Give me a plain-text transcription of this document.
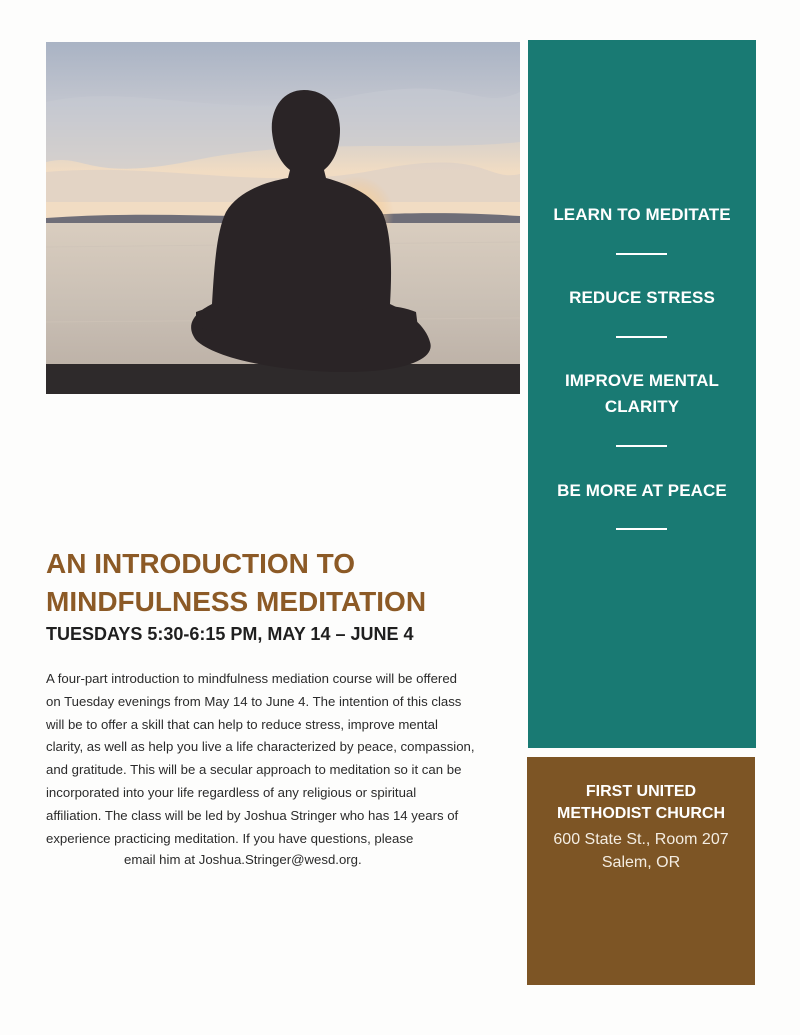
LEARN TO MEDITATE
REDUCE STRESS
IMPROVE MENTAL
CLARITY
BE MORE AT PEACE
AN INTRODUCTION TO
MINDFULNESS MEDITATION
TUESDAYS 5:30-6:15 PM, MAY 14 – JUNE 4
A four-part introduction to mindfulness mediation course will be offered
on Tuesday evenings from May 14 to June 4. The intention of this class
will be to offer a skill that can help to reduce stress, improve mental
clarity, as well as help you live a life characterized by peace, compassion,
and gratitude. This will be a secular approach to meditation so it can be
incorporated into your life regardless of any religious or spiritual
affiliation. The class will be led by Joshua Stringer who has 14 years of
experience practicing meditation. If you have questions, please
email him at Joshua.Stringer@wesd.org.
FIRST UNITED
METHODIST CHURCH
600 State St., Room 207
Salem, OR
